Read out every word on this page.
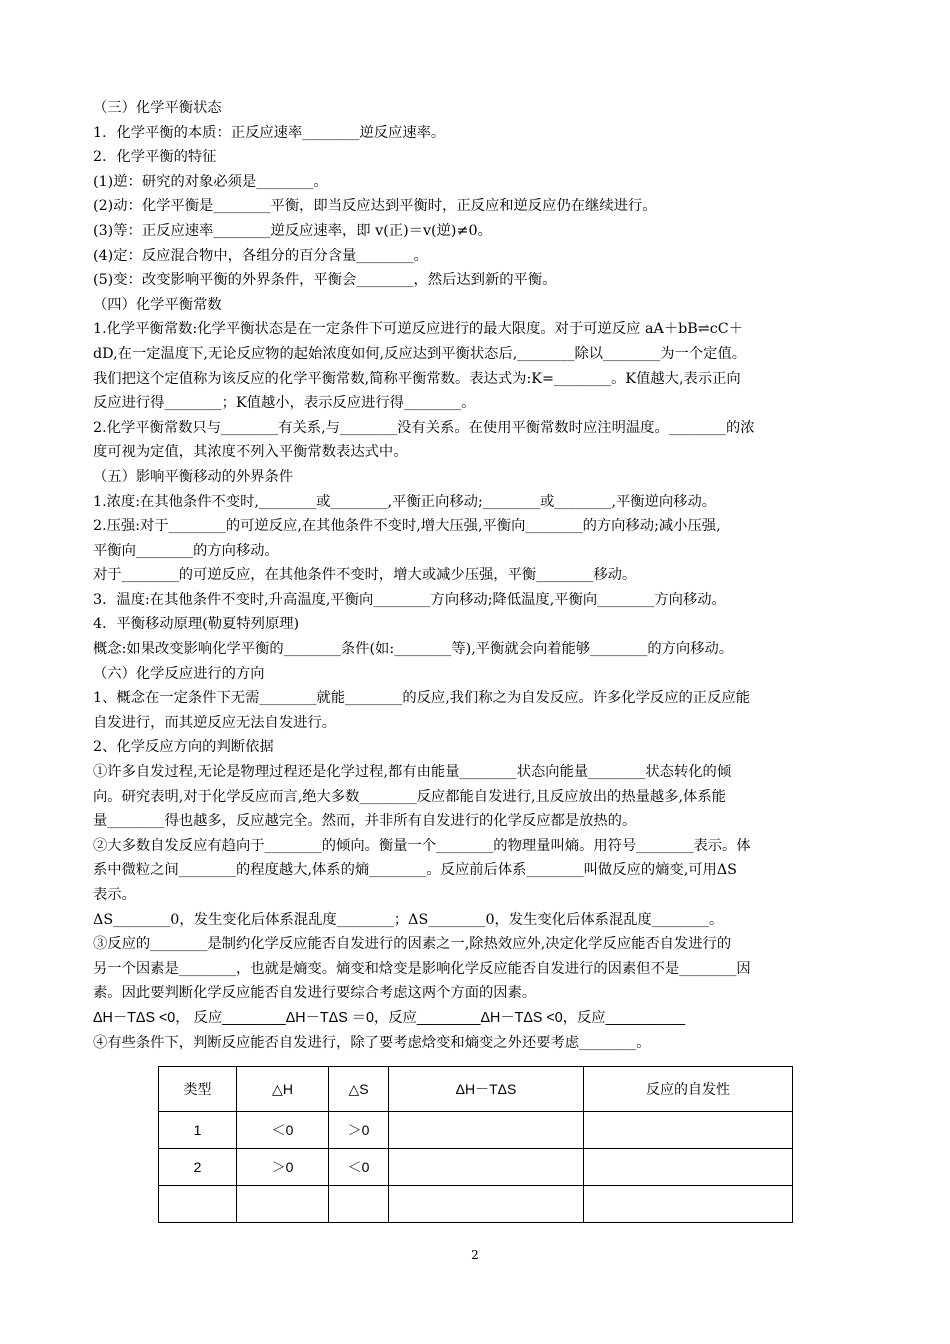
（三）化学平衡状态

1．化学平衡的本质：正反应速率________逆反应速率。

2．化学平衡的特征

(1)逆：研究的对象必须是________。

(2)动：化学平衡是________平衡，即当反应达到平衡时，正反应和逆反应仍在继续进行。

(3)等：正反应速率________逆反应速率，即 v(正)＝v(逆)≠0。

(4)定：反应混合物中，各组分的百分含量________。

(5)变：改变影响平衡的外界条件，平衡会________，然后达到新的平衡。

（四）化学平衡常数

1.化学平衡常数:化学平衡状态是在一定条件下可逆反应进行的最大限度。对于可逆反应 aA＋bB⇌cC＋

dD,在一定温度下,无论反应物的起始浓度如何,反应达到平衡状态后,________除以________为一个定值。

我们把这个定值称为该反应的化学平衡常数,简称平衡常数。表达式为:K=________。K值越大,表示正向

反应进行得________；K值越小，表示反应进行得________。

2.化学平衡常数只与________有关系,与________没有关系。在使用平衡常数时应注明温度。________的浓

度可视为定值，其浓度不列入平衡常数表达式中。

（五）影响平衡移动的外界条件

1.浓度:在其他条件不变时,________或________,平衡正向移动;________或________,平衡逆向移动。

2.压强:对于________的可逆反应,在其他条件不变时,增大压强,平衡向________的方向移动;减小压强,

平衡向________的方向移动。

对于________的可逆反应，在其他条件不变时，增大或减少压强，平衡________移动。

3．温度:在其他条件不变时,升高温度,平衡向________方向移动;降低温度,平衡向________方向移动。

4．平衡移动原理(勒夏特列原理)

概念:如果改变影响化学平衡的________条件(如:________等),平衡就会向着能够________的方向移动。

（六）化学反应进行的方向

1、概念在一定条件下无需________就能________的反应,我们称之为自发反应。许多化学反应的正反应能

自发进行，而其逆反应无法自发进行。

2、化学反应方向的判断依据

①许多自发过程,无论是物理过程还是化学过程,都有由能量________状态向能量________状态转化的倾

向。研究表明,对于化学反应而言,绝大多数________反应都能自发进行,且反应放出的热量越多,体系能

量________得也越多，反应越完全。然而，并非所有自发进行的化学反应都是放热的。

②大多数自发反应有趋向于________的倾向。衡量一个________的物理量叫熵。用符号________表示。体

系中微粒之间________的程度越大,体系的熵________。反应前后体系________叫做反应的熵变,可用ΔS

表示。

ΔS________0，发生变化后体系混乱度________；ΔS________0，发生变化后体系混乱度________。

③反应的________是制约化学反应能否自发进行的因素之一,除热效应外,决定化学反应能否自发进行的

另一个因素是________，也就是熵变。熵变和焓变是影响化学反应能否自发进行的因素但不是________因

素。因此要判断化学反应能否自发进行要综合考虑这两个方面的因素。

ΔH－TΔS <0， 反应________ΔH－TΔS ＝0，反应________ΔH－TΔS <0，反应__________

④有些条件下，判断反应能否自发进行，除了要考虑焓变和熵变之外还要考虑________。

类型	△H	△S	ΔH－TΔS	反应的自发性
1	＜0	＞0		
2	＞0	＜0		

2
